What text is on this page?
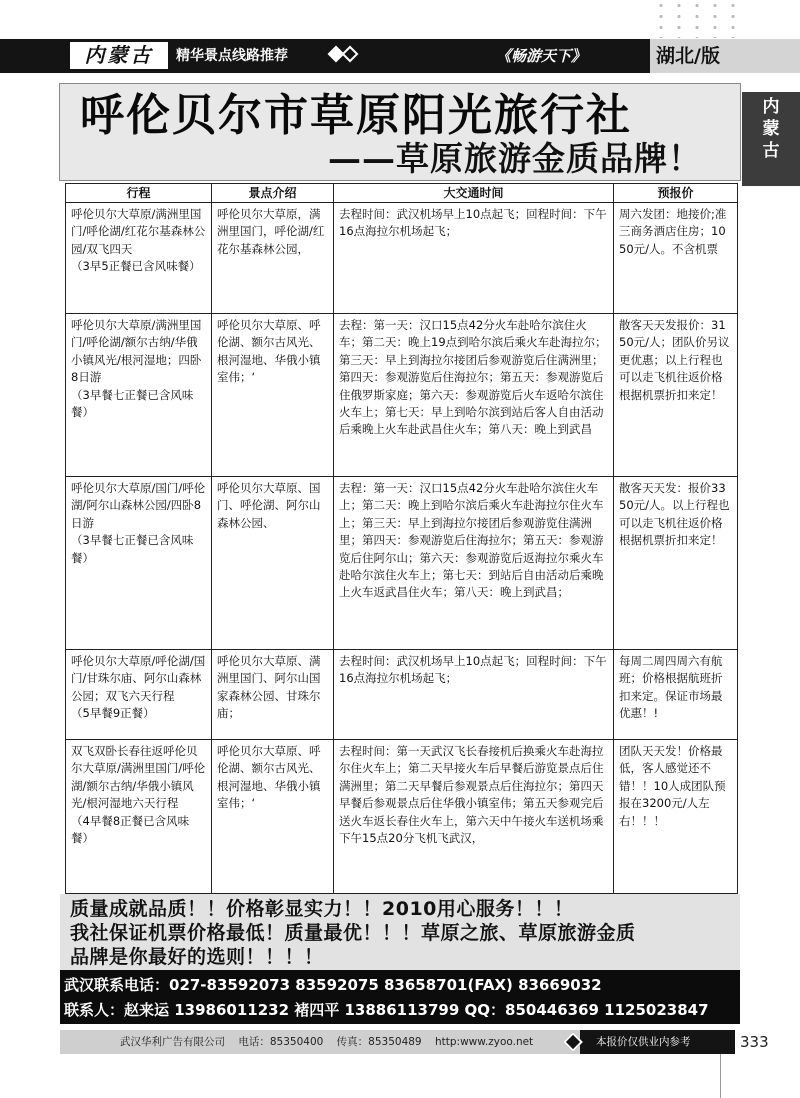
内蒙古	精华景点线路推荐	《畅游天下》	湖北/版
内
蒙
古
呼伦贝尔市草原阳光旅行社
——草原旅游金质品牌！
行程	景点介绍	大交通时间	预报价
呼伦贝尔大草原/满洲里国门/呼伦湖/红花尔基森林公园/双飞四天
（3早5正餐已含风味餐）	呼伦贝尔大草原，满洲里国门，呼伦湖/红花尔基森林公园，	去程时间：武汉机场早上10点起飞；回程时间：下午16点海拉尔机场起飞；	周六发团：地接价;准三商务酒店住房；1050元/人。不含机票
呼伦贝尔大草原/满洲里国门/呼伦湖/额尔古纳/华俄小镇风光/根河湿地；四卧8日游
（3早餐七正餐已含风味餐）	呼伦贝尔大草原、呼伦湖、额尔古风光、根河湿地、华俄小镇室伟；‘	去程：第一天：汉口15点42分火车赴哈尔滨住火车；第二天：晚上19点到哈尔滨后乘火车赴海拉尔；第三天：早上到海拉尔接团后参观游览后住满洲里；第四天：参观游览后住海拉尔；第五天：参观游览后住俄罗斯家庭；第六天：参观游览后火车返哈尔滨住火车上；第七天：早上到哈尔滨到站后客人自由活动后乘晚上火车赴武昌住火车；第八天：晚上到武昌	散客天天发报价：3150元/人；团队价另议更优惠；以上行程也可以走飞机往返价格根据机票折扣来定！
呼伦贝尔大草原/国门/呼伦湖/阿尔山森林公园/四卧8日游
（3早餐七正餐已含风味餐）	呼伦贝尔大草原、国门、呼伦湖、阿尔山森林公园、	去程：第一天：汉口15点42分火车赴哈尔滨住火车上；第二天：晚上到哈尔滨后乘火车赴海拉尔住火车上；第三天：早上到海拉尔接团后参观游览住满洲里；第四天：参观游览后住海拉尔；第五天：参观游览后住阿尔山；第六天：参观游览后返海拉尔乘火车赴哈尔滨住火车上；第七天：到站后自由活动后乘晚上火车返武昌住火车；第八天：晚上到武昌；	散客天天发：报价3350元/人。以上行程也可以走飞机往返价格根据机票折扣来定！
呼伦贝尔大草原/呼伦湖/国门/甘珠尔庙、阿尔山森林公园；双飞六天行程
（5早餐9正餐）	呼伦贝尔大草原、满洲里国门、阿尔山国家森林公园、甘珠尔庙；	去程时间：武汉机场早上10点起飞；回程时间：下午16点海拉尔机场起飞；	每周二周四周六有航班；价格根据航班折扣来定。保证市场最优惠！!
双飞双卧长春往返呼伦贝尔大草原/满洲里国门/呼伦湖/额尔古纳/华俄小镇风光/根河湿地六天行程
（4早餐8正餐已含风味餐）	呼伦贝尔大草原、呼伦湖、额尔古风光、根河湿地、华俄小镇室伟；‘	去程时间：第一天武汉飞长春接机后换乘火车赴海拉尔住火车上；第二天早接火车后早餐后游览景点后住满洲里；第二天早餐后参观景点后住海拉尔；第四天早餐后参观景点后住华俄小镇室伟；第五天参观完后送火车返长春住火车上，第六天中午接火车送机场乘下午15点20分飞机飞武汉，	团队天天发！价格最低，客人感觉还不错！！10人成团队预报在3200元/人左右！！！
质量成就品质！！价格彰显实力！！2010用心服务！！！
我社保证机票价格最低！质量最优！！！草原之旅、草原旅游金质
品牌是你最好的选则！！！！
武汉联系电话：027-83592073 83592075 83658701(FAX) 83669032
联系人：赵来运 13986011232 褚四平 13886113799 QQ：850446369 1125023847
武汉华利广告有限公司 电话：85350400 传真：85350489 http:www.zyoo.net	本报价仅供业内参考	333
